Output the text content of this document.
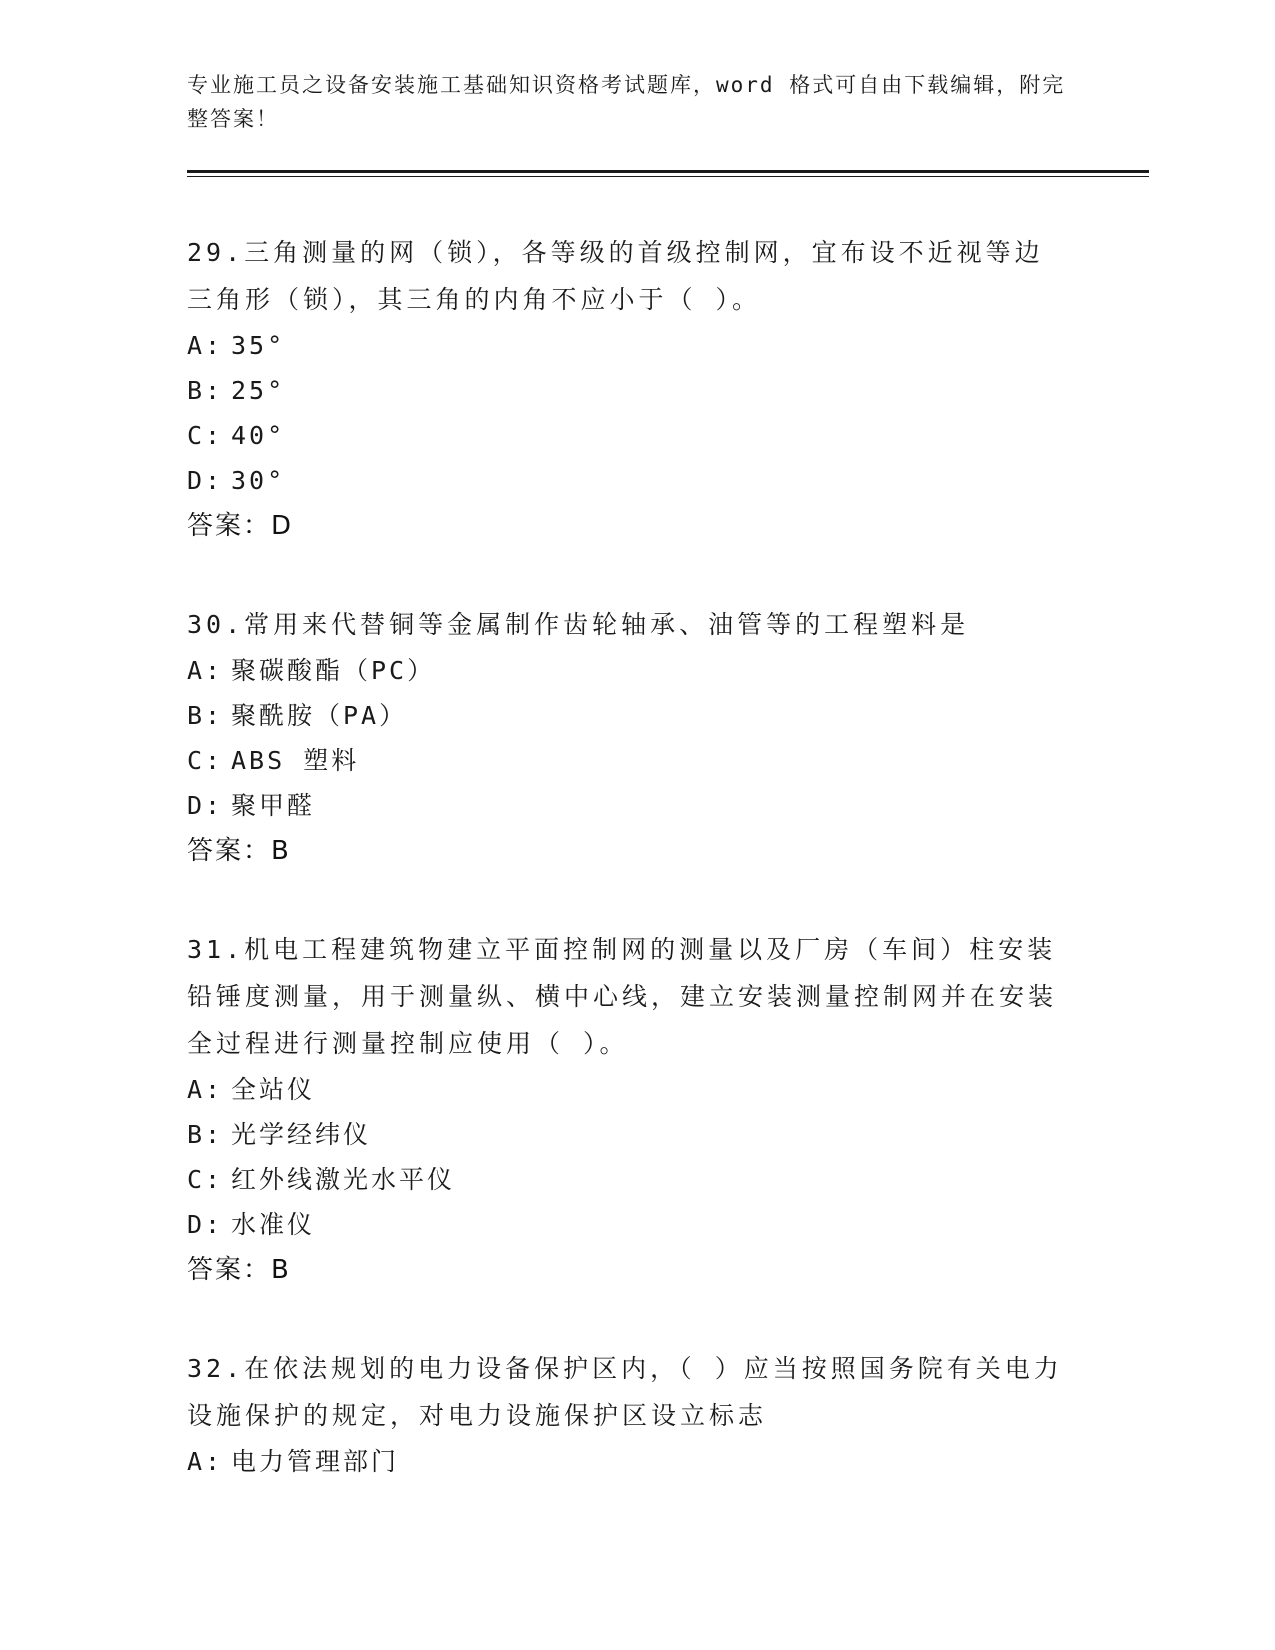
专业施工员之设备安装施工基础知识资格考试题库，word 格式可自由下载编辑，附完整答案！

29.三角测量的网（锁），各等级的首级控制网，宜布设不近视等边三角形（锁），其三角的内角不应小于（ ）。

A: 35°

B: 25°

C: 40°

D: 30°

答案：D

30.常用来代替铜等金属制作齿轮轴承、油管等的工程塑料是

A: 聚碳酸酯（PC）

B: 聚酰胺（PA）

C: ABS 塑料

D: 聚甲醛

答案：B

31.机电工程建筑物建立平面控制网的测量以及厂房（车间）柱安装铅锤度测量，用于测量纵、横中心线，建立安装测量控制网并在安装全过程进行测量控制应使用（ ）。

A: 全站仪

B: 光学经纬仪

C: 红外线激光水平仪

D: 水准仪

答案：B

32.在依法规划的电力设备保护区内，（ ）应当按照国务院有关电力设施保护的规定，对电力设施保护区设立标志

A: 电力管理部门
